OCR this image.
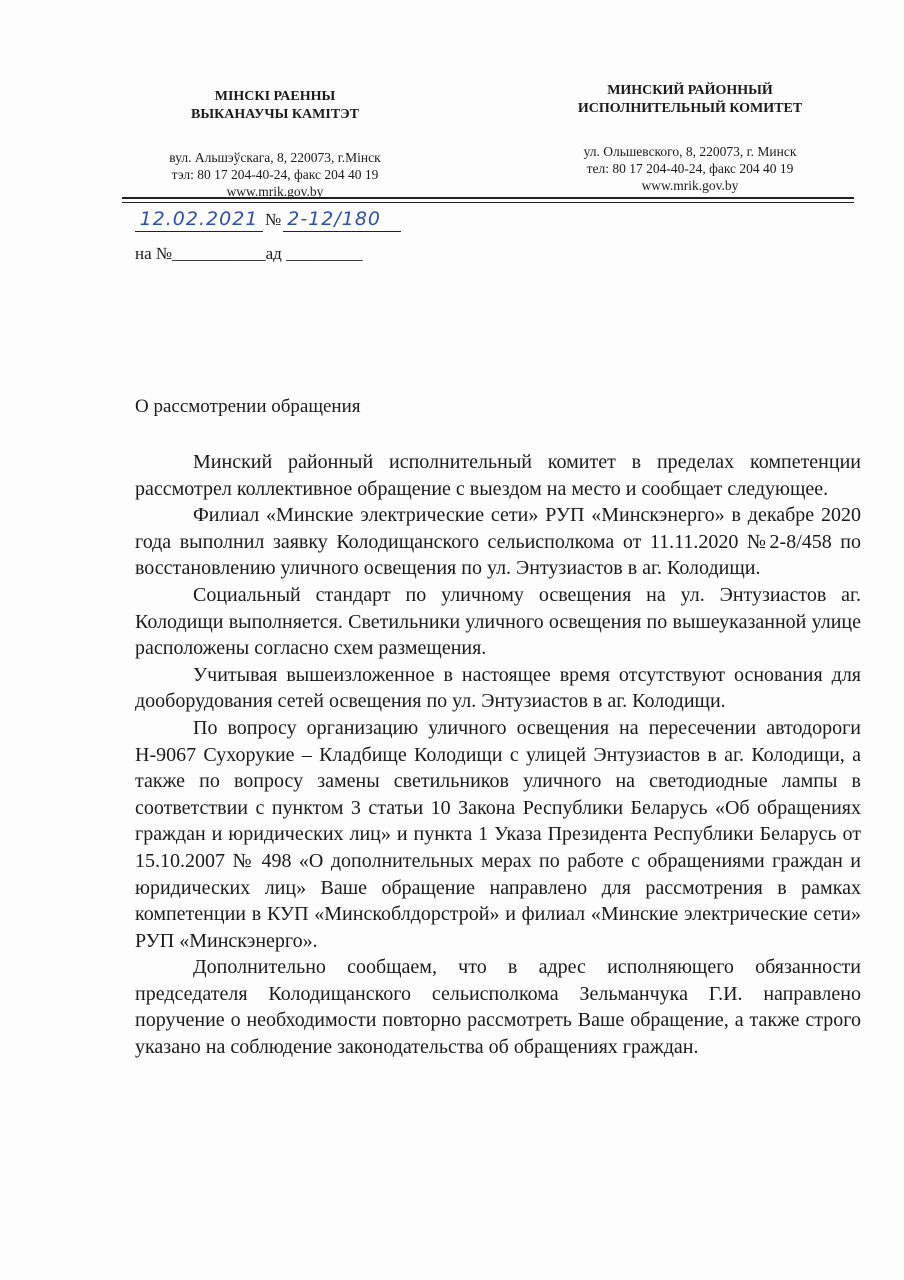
МІНСКІ РАЕННЫ
ВЫКАНАУЧЫ КАМІТЭТ
вул. Альшэўскага, 8, 220073, г.Мінск
тэл: 80 17 204-40-24, факс 204 40 19
www.mrik.gov.by
МИНСКИЙ РАЙОННЫЙ
ИСПОЛНИТЕЛЬНЫЙ КОМИТЕТ
ул. Ольшевского, 8, 220073, г. Минск
тел: 80 17 204-40-24, факс 204 40 19
www.mrik.gov.by
12.02.2021 № 2-12/180
на №___________ад _________
О рассмотрении обращения

Минский районный исполнительный комитет в пределах компетенции рассмотрел коллективное обращение с выездом на место и сообщает следующее.

Филиал «Минские электрические сети» РУП «Минскэнерго» в декабре 2020 года выполнил заявку Колодищанского сельисполкома от 11.11.2020 №2-8/458 по восстановлению уличного освещения по ул. Энтузиастов в аг. Колодищи.

Социальный стандарт по уличному освещения на ул. Энтузиастов аг. Колодищи выполняется. Светильники уличного освещения по вышеуказанной улице расположены согласно схем размещения.

Учитывая вышеизложенное в настоящее время отсутствуют основания для дооборудования сетей освещения по ул. Энтузиастов в аг. Колодищи.

По вопросу организацию уличного освещения на пересечении автодороги Н-9067 Сухорукие – Кладбище Колодищи с улицей Энтузиастов в аг. Колодищи, а также по вопросу замены светильников уличного на светодиодные лампы в соответствии с пунктом 3 статьи 10 Закона Республики Беларусь «Об обращениях граждан и юридических лиц» и пункта 1 Указа Президента Республики Беларусь от 15.10.2007 № 498 «О дополнительных мерах по работе с обращениями граждан и юридических лиц» Ваше обращение направлено для рассмотрения в рамках компетенции в КУП «Минскоблдорстрой» и филиал «Минские электрические сети» РУП «Минскэнерго».

Дополнительно сообщаем, что в адрес исполняющего обязанности председателя Колодищанского сельисполкома Зельманчука Г.И. направлено поручение о необходимости повторно рассмотреть Ваше обращение, а также строго указано на соблюдение законодательства об обращениях граждан.
